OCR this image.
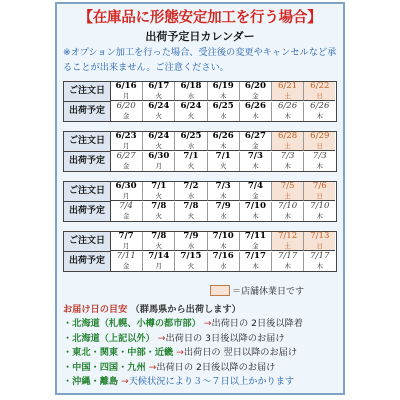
【在庫品に形態安定加工を行う場合】
出荷予定日カレンダー
※オプション加工を行った場合、受注後の変更やキャンセルなど承ることが出来ません。ご注意ください。
ご注文日
出荷予定
6/16
月
6/17
火
6/18
水
6/19
木
6/20
金
6/21
土
6/22
日
6/20
金
6/24
火
6/24
火
6/25
水
6/26
木
6/26
木
6/26
木
ご注文日
出荷予定
6/23
月
6/24
火
6/25
水
6/26
木
6/27
金
6/28
土
6/29
日
6/27
金
6/30
月
7/1
火
7/1
火
7/3
木
7/3
木
7/3
木
ご注文日
出荷予定
6/30
月
7/1
火
7/2
水
7/3
木
7/4
金
7/5
土
7/6
日
7/4
金
7/8
火
7/8
火
7/9
水
7/10
木
7/10
木
7/10
木
ご注文日
出荷予定
7/7
月
7/8
火
7/9
水
7/10
木
7/11
金
7/12
土
7/13
日
7/11
金
7/14
月
7/15
火
7/16
水
7/17
木
7/17
木
7/17
木
＝店舗休業日です
お届け日の目安 （群馬県から出荷します）
・北海道（札幌、小樽の都市部） →出荷日の 2日後以降着
・北海道（上記以外） →出荷日の 3日後以降のお届け
・東北・関東・中部・近畿 →出荷日の 翌日以降のお届け
・中国・四国・九州 →出荷日の 2日後以降のお届け
・沖縄・離島 →天候状況により３～７日以上かかります
